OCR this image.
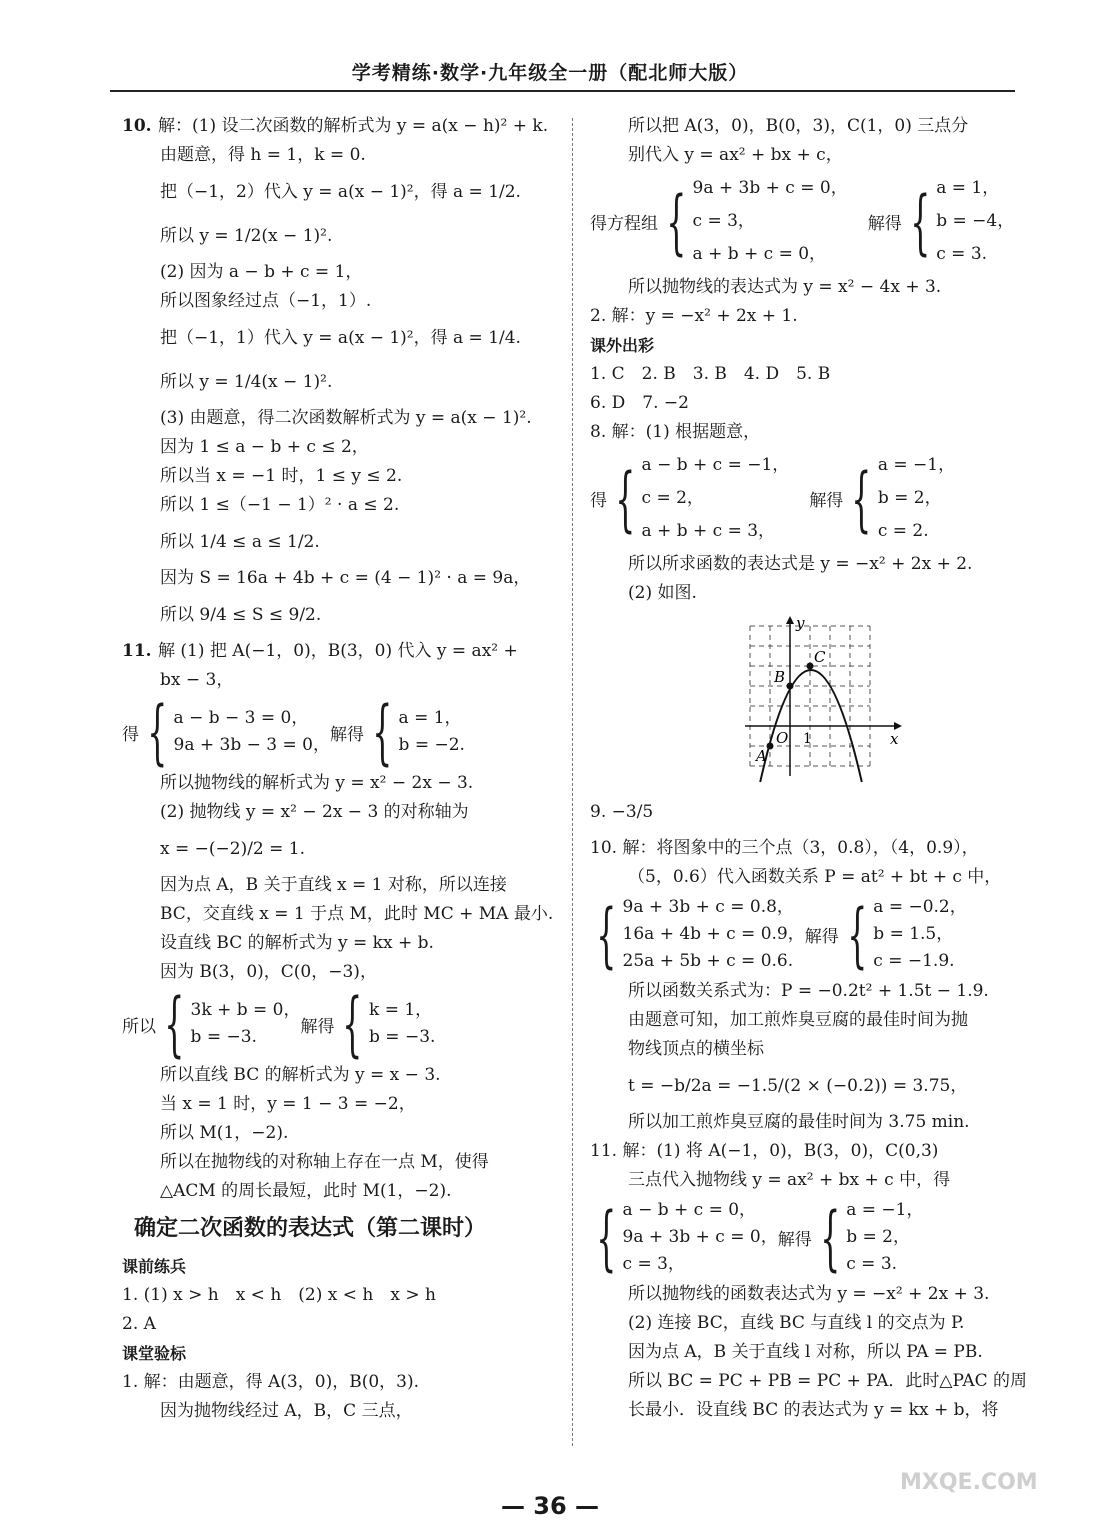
学考精练·数学·九年级全一册（配北师大版）
10. 解：(1) 设二次函数的解析式为 y = a(x − h)² + k.
由题意，得 h = 1，k = 0.
把（−1，2）代入 y = a(x − 1)²，得 a = 1/2.
所以 y = 1/2(x − 1)².
(2) 因为 a − b + c = 1，
所以图象经过点（−1，1）.
把（−1，1）代入 y = a(x − 1)²，得 a = 1/4.
所以 y = 1/4(x − 1)².
(3) 由题意，得二次函数解析式为 y = a(x − 1)².
因为 1 ≤ a − b + c ≤ 2，
所以当 x = −1 时，1 ≤ y ≤ 2.
所以 1 ≤（−1 − 1）² · a ≤ 2.
所以 1/4 ≤ a ≤ 1/2.
因为 S = 16a + 4b + c = (4 − 1)² · a = 9a，
所以 9/4 ≤ S ≤ 9/2.
11. 解 (1) 把 A(−1，0)，B(3，0) 代入 y = ax² +
bx − 3，
得 { a − b − 3 = 0，
9a + 3b − 3 = 0，
解得 { a = 1，
b = −2.
所以抛物线的解析式为 y = x² − 2x − 3.
(2) 抛物线 y = x² − 2x − 3 的对称轴为
x = −(−2)/2 = 1.
因为点 A，B 关于直线 x = 1 对称，所以连接
BC，交直线 x = 1 于点 M，此时 MC + MA 最小.
设直线 BC 的解析式为 y = kx + b.
因为 B(3，0)，C(0，−3)，
所以 { 3k + b = 0，
b = −3.
解得 { k = 1，
b = −3.
所以直线 BC 的解析式为 y = x − 3.
当 x = 1 时，y = 1 − 3 = −2，
所以 M(1，−2).
所以在抛物线的对称轴上存在一点 M，使得
△ACM 的周长最短，此时 M(1，−2).
确定二次函数的表达式（第二课时）
课前练兵
1. (1) x > h　x < h　(2) x < h　x > h
2. A
课堂验标
1. 解：由题意，得 A(3，0)，B(0，3).
因为抛物线经过 A，B，C 三点，
所以把 A(3，0)，B(0，3)，C(1，0) 三点分
别代入 y = ax² + bx + c，
得方程组 { 9a + 3b + c = 0，
c = 3，
a + b + c = 0，
解得 { a = 1，
b = −4，
c = 3.
所以抛物线的表达式为 y = x² − 4x + 3.
2. 解：y = −x² + 2x + 1.
课外出彩
1. C　2. B　3. B　4. D　5. B
6. D　7. −2
8. 解：(1) 根据题意，
得 { a − b + c = −1，
c = 2，
a + b + c = 3，
解得 { a = −1，
b = 2，
c = 2.
所以所求函数的表达式是 y = −x² + 2x + 2.
(2) 如图.
x
y
O 1
A
B
C
9. −3/5
10. 解：将图象中的三个点（3，0.8），（4，0.9），
（5，0.6）代入函数关系 P = at² + bt + c 中，
{ 9a + 3b + c = 0.8，
16a + 4b + c = 0.9，
25a + 5b + c = 0.6.
解得 { a = −0.2，
b = 1.5，
c = −1.9.
所以函数关系式为：P = −0.2t² + 1.5t − 1.9.
由题意可知，加工煎炸臭豆腐的最佳时间为抛
物线顶点的横坐标
t = −b/2a = −1.5/(2 × (−0.2)) = 3.75，
所以加工煎炸臭豆腐的最佳时间为 3.75 min.
11. 解：(1) 将 A(−1，0)，B(3，0)，C(0,3)
三点代入抛物线 y = ax² + bx + c 中，得
{ a − b + c = 0，
9a + 3b + c = 0，
c = 3，
解得 { a = −1，
b = 2，
c = 3.
所以抛物线的函数表达式为 y = −x² + 2x + 3.
(2) 连接 BC，直线 BC 与直线 l 的交点为 P.
因为点 A，B 关于直线 l 对称，所以 PA = PB.
所以 BC = PC + PB = PC + PA．此时△PAC 的周
长最小．设直线 BC 的表达式为 y = kx + b，将
— 36 —
MXQE.COM
